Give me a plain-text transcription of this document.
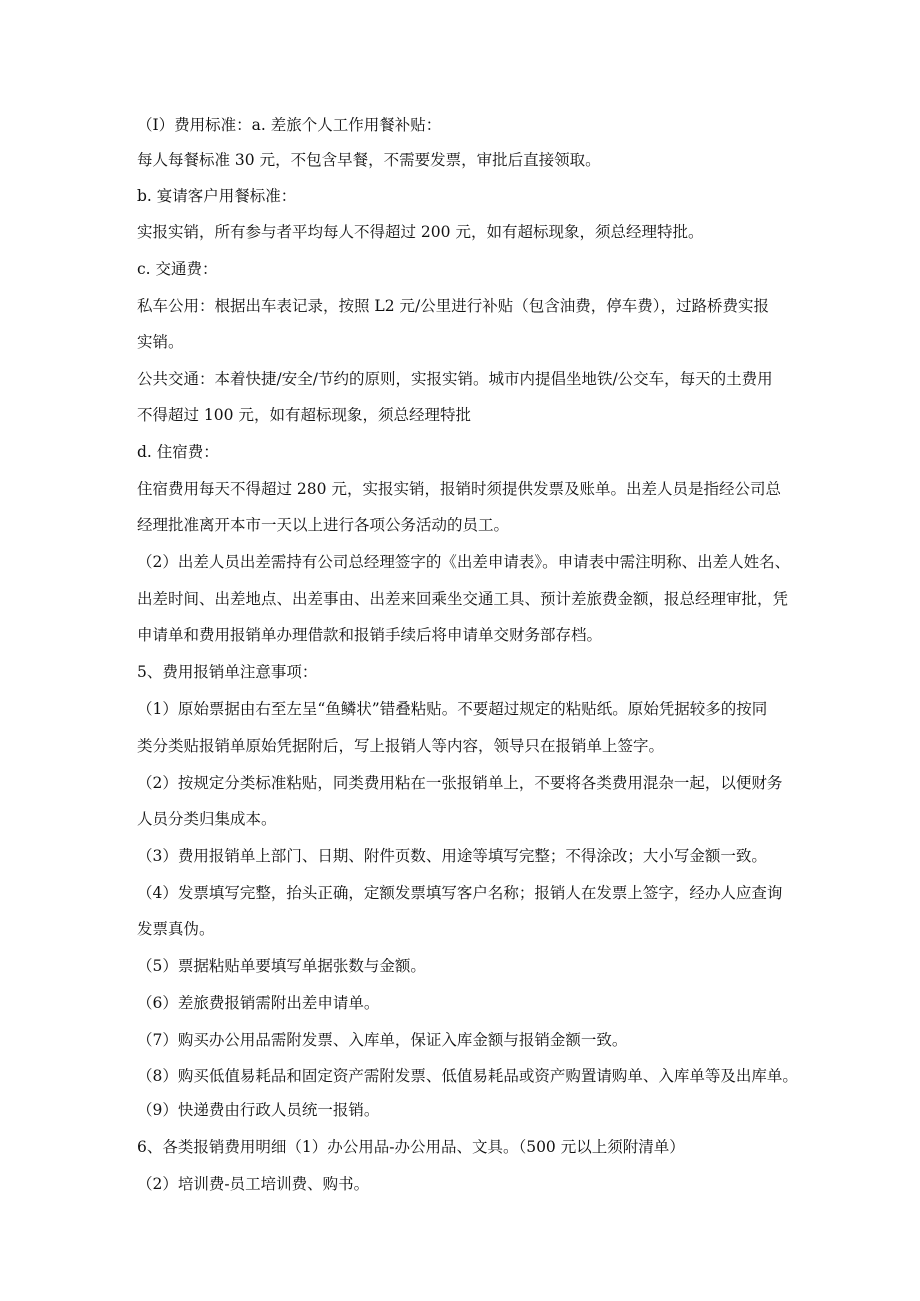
（I）费用标准：a. 差旅个人工作用餐补贴：
每人每餐标准 30 元，不包含早餐，不需要发票，审批后直接领取。
b. 宴请客户用餐标准：
实报实销，所有参与者平均每人不得超过 200 元，如有超标现象，须总经理特批。
c. 交通费：
私车公用：根据出车表记录，按照 L2 元/公里进行补贴（包含油费，停车费），过路桥费实报
实销。
公共交通：本着快捷/安全/节约的原则，实报实销。城市内提倡坐地铁/公交车，每天的土费用
不得超过 100 元，如有超标现象，须总经理特批
d. 住宿费：
住宿费用每天不得超过 280 元，实报实销，报销时须提供发票及账单。出差人员是指经公司总
经理批准离开本市一天以上进行各项公务活动的员工。
（2）出差人员出差需持有公司总经理签字的《出差申请表》。申请表中需注明称、出差人姓名、
出差时间、出差地点、出差事由、出差来回乘坐交通工具、预计差旅费金额，报总经理审批，凭
申请单和费用报销单办理借款和报销手续后将申请单交财务部存档。
5、费用报销单注意事项：
（1）原始票据由右至左呈“鱼鳞状”错叠粘贴。不要超过规定的粘贴纸。原始凭据较多的按同
类分类贴报销单原始凭据附后，写上报销人等内容，领导只在报销单上签字。
（2）按规定分类标准粘贴，同类费用粘在一张报销单上，不要将各类费用混杂一起，以便财务
人员分类归集成本。
（3）费用报销单上部门、日期、附件页数、用途等填写完整；不得涂改；大小写金额一致。
（4）发票填写完整，抬头正确，定额发票填写客户名称；报销人在发票上签字，经办人应查询
发票真伪。
（5）票据粘贴单要填写单据张数与金额。
（6）差旅费报销需附出差申请单。
（7）购买办公用品需附发票、入库单，保证入库金额与报销金额一致。
（8）购买低值易耗品和固定资产需附发票、低值易耗品或资产购置请购单、入库单等及出库单。
（9）快递费由行政人员统一报销。
6、各类报销费用明细（1）办公用品-办公用品、文具。（500 元以上须附清单）
（2）培训费-员工培训费、购书。
